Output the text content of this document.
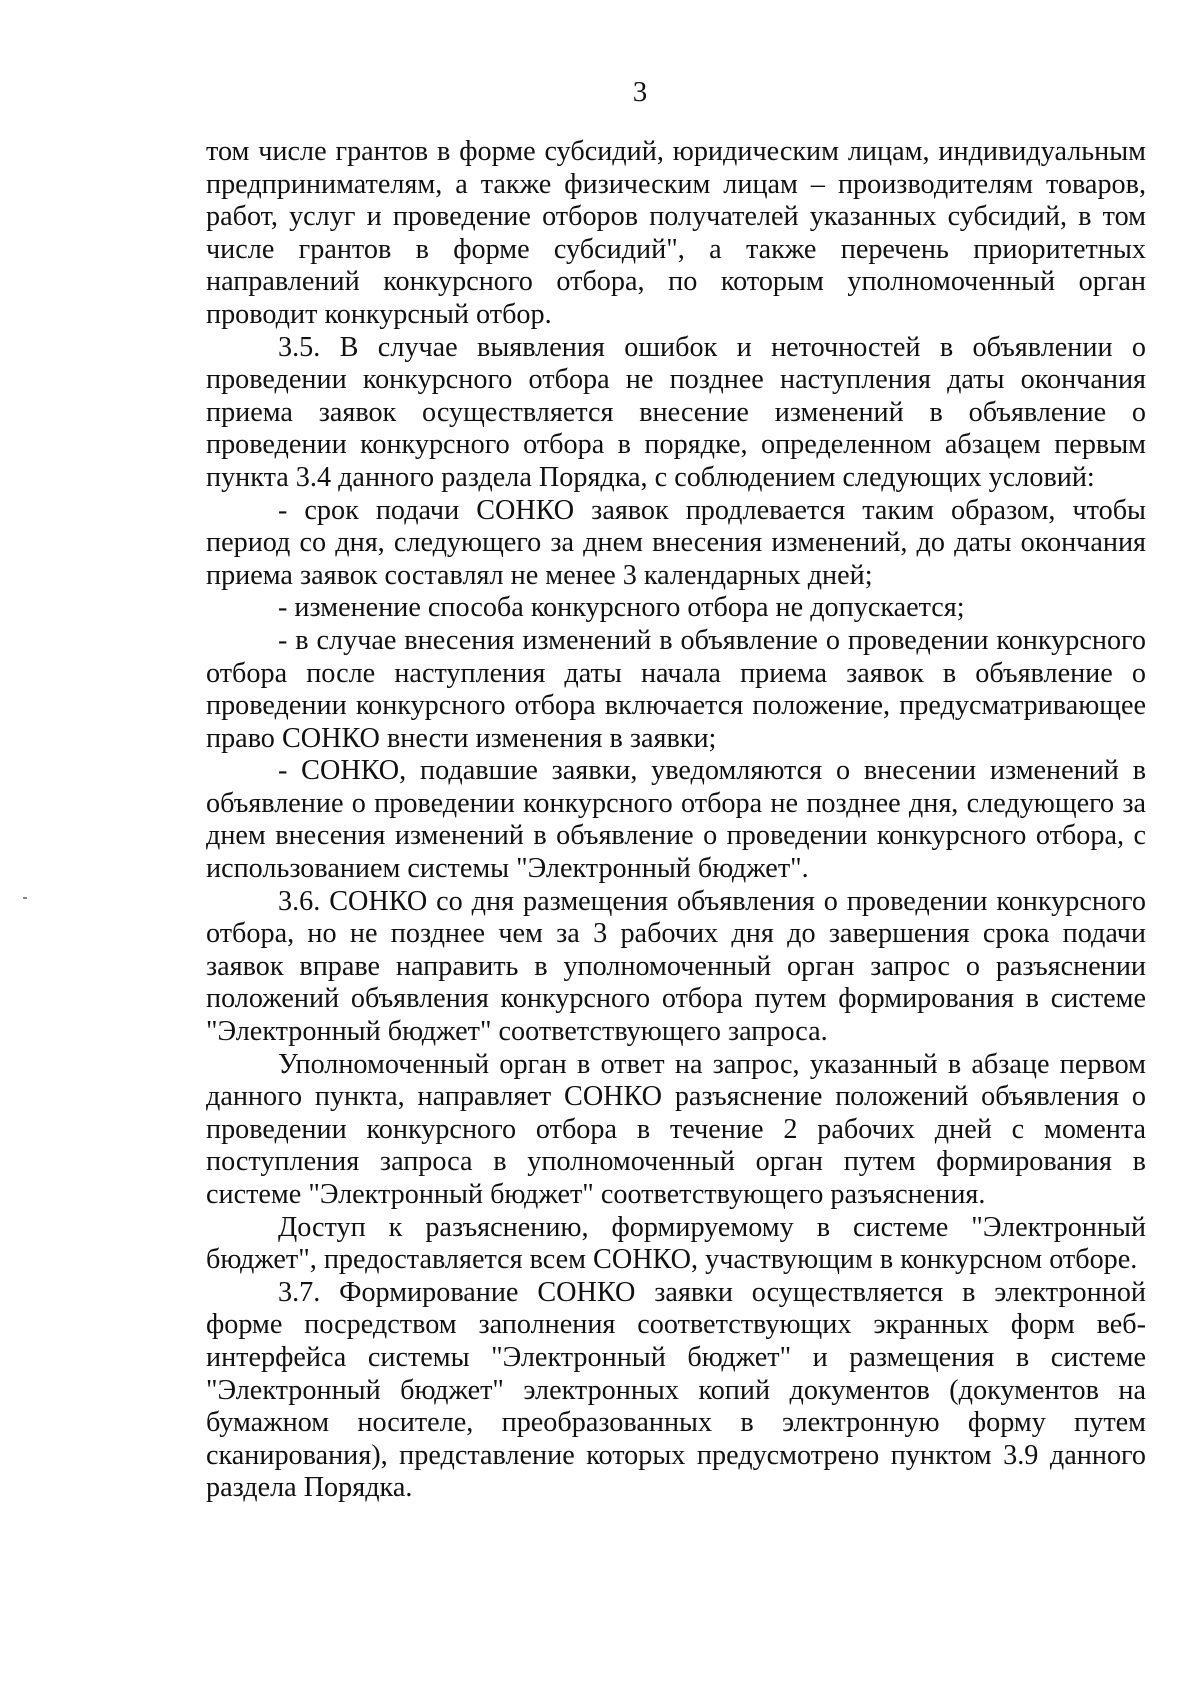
3

том числе грантов в форме субсидий, юридическим лицам, индивидуальным предпринимателям, а также физическим лицам – производителям товаров, работ, услуг и проведение отборов получателей указанных субсидий, в том числе грантов в форме субсидий", а также перечень приоритетных направлений конкурсного отбора, по которым уполномоченный орган проводит конкурсный отбор.

3.5. В случае выявления ошибок и неточностей в объявлении о проведении конкурсного отбора не позднее наступления даты окончания приема заявок осуществляется внесение изменений в объявление о проведении конкурсного отбора в порядке, определенном абзацем первым пункта 3.4 данного раздела Порядка, с соблюдением следующих условий:

- срок подачи СОНКО заявок продлевается таким образом, чтобы период со дня, следующего за днем внесения изменений, до даты окончания приема заявок составлял не менее 3 календарных дней;

- изменение способа конкурсного отбора не допускается;

- в случае внесения изменений в объявление о проведении конкурсного отбора после наступления даты начала приема заявок в объявление о проведении конкурсного отбора включается положение, предусматривающее право СОНКО внести изменения в заявки;

- СОНКО, подавшие заявки, уведомляются о внесении изменений в объявление о проведении конкурсного отбора не позднее дня, следующего за днем внесения изменений в объявление о проведении конкурсного отбора, с использованием системы "Электронный бюджет".

3.6. СОНКО со дня размещения объявления о проведении конкурсного отбора, но не позднее чем за 3 рабочих дня до завершения срока подачи заявок вправе направить в уполномоченный орган запрос о разъяснении положений объявления конкурсного отбора путем формирования в системе "Электронный бюджет" соответствующего запроса.

Уполномоченный орган в ответ на запрос, указанный в абзаце первом данного пункта, направляет СОНКО разъяснение положений объявления о проведении конкурсного отбора в течение 2 рабочих дней с момента поступления запроса в уполномоченный орган путем формирования в системе "Электронный бюджет" соответствующего разъяснения.

Доступ к разъяснению, формируемому в системе "Электронный бюджет", предоставляется всем СОНКО, участвующим в конкурсном отборе.

3.7. Формирование СОНКО заявки осуществляется в электронной форме посредством заполнения соответствующих экранных форм веб-интерфейса системы "Электронный бюджет" и размещения в системе "Электронный бюджет" электронных копий документов (документов на бумажном носителе, преобразованных в электронную форму путем сканирования), представление которых предусмотрено пунктом 3.9 данного раздела Порядка.
